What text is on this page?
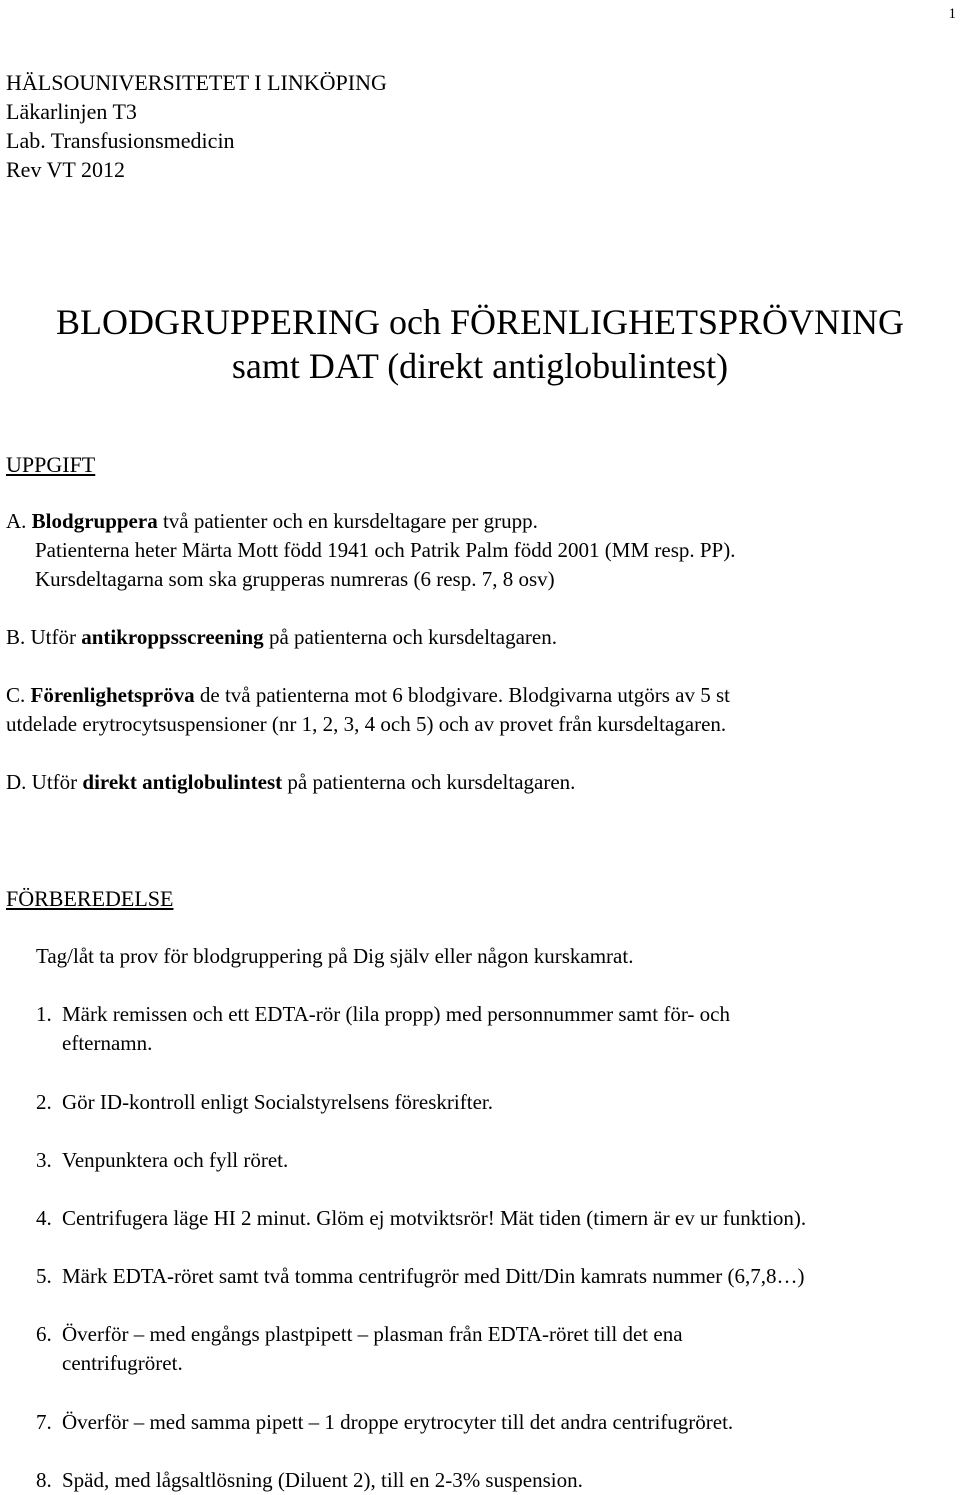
1
HÄLSOUNIVERSITETET I LINKÖPING
Läkarlinjen T3
Lab. Transfusionsmedicin
Rev VT 2012
BLODGRUPPERING och FÖRENLIGHETSPRÖVNING
samt DAT (direkt antiglobulintest)
UPPGIFT
A. Blodgruppera två patienter och en kursdeltagare per grupp.
Patienterna heter Märta Mott född 1941 och Patrik Palm född 2001 (MM resp. PP).
Kursdeltagarna som ska grupperas numreras (6 resp. 7, 8 osv)
B. Utför antikroppsscreening på patienterna och kursdeltagaren.
C. Förenlighetspröva de två patienterna mot 6 blodgivare. Blodgivarna utgörs av 5 st
utdelade erytrocytsuspensioner (nr 1, 2, 3, 4 och 5) och av provet från kursdeltagaren.
D. Utför direkt antiglobulintest på patienterna och kursdeltagaren.
FÖRBEREDELSE
Tag/låt ta prov för blodgruppering på Dig själv eller någon kurskamrat.
1. Märk remissen och ett EDTA-rör (lila propp) med personnummer samt för- och
efternamn.
2. Gör ID-kontroll enligt Socialstyrelsens föreskrifter.
3. Venpunktera och fyll röret.
4. Centrifugera läge HI 2 minut. Glöm ej motviktsrör! Mät tiden (timern är ev ur funktion).
5. Märk EDTA-röret samt två tomma centrifugrör med Ditt/Din kamrats nummer (6,7,8…)
6. Överför – med engångs plastpipett – plasman från EDTA-röret till det ena
centrifugröret.
7. Överför – med samma pipett – 1 droppe erytrocyter till det andra centrifugröret.
8. Späd, med lågsaltlösning (Diluent 2), till en 2-3% suspension.
